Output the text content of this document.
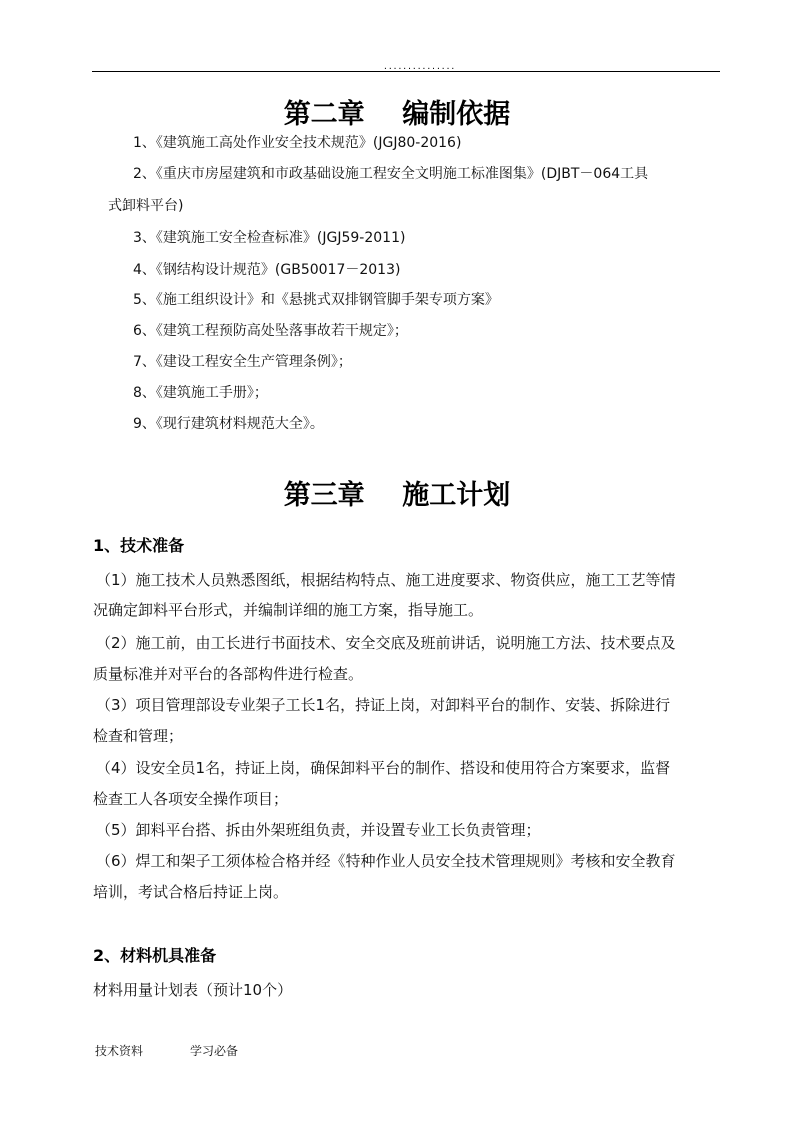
...............
第二章    编制依据
1、《建筑施工高处作业安全技术规范》(JGJ80-2016)
2、《重庆市房屋建筑和市政基础设施工程安全文明施工标准图集》(DJBT－064工具
式卸料平台)
3、《建筑施工安全检查标准》(JGJ59-2011)
4、《钢结构设计规范》(GB50017－2013)
5、《施工组织设计》和《悬挑式双排钢管脚手架专项方案》
6、《建筑工程预防高处坠落事故若干规定》；
7、《建设工程安全生产管理条例》；
8、《建筑施工手册》；
9、《现行建筑材料规范大全》。
第三章    施工计划
1、技术准备
（1）施工技术人员熟悉图纸，根据结构特点、施工进度要求、物资供应，施工工艺等情
况确定卸料平台形式，并编制详细的施工方案，指导施工。
（2）施工前，由工长进行书面技术、安全交底及班前讲话，说明施工方法、技术要点及
质量标准并对平台的各部构件进行检查。
（3）项目管理部设专业架子工长1名，持证上岗，对卸料平台的制作、安装、拆除进行
检查和管理；
（4）设安全员1名，持证上岗，确保卸料平台的制作、搭设和使用符合方案要求，监督
检查工人各项安全操作项目；
（5）卸料平台搭、拆由外架班组负责，并设置专业工长负责管理；
（6）焊工和架子工须体检合格并经《特种作业人员安全技术管理规则》考核和安全教育
培训，考试合格后持证上岗。
2、材料机具准备
材料用量计划表（预计10个）
技术资料	学习必备
